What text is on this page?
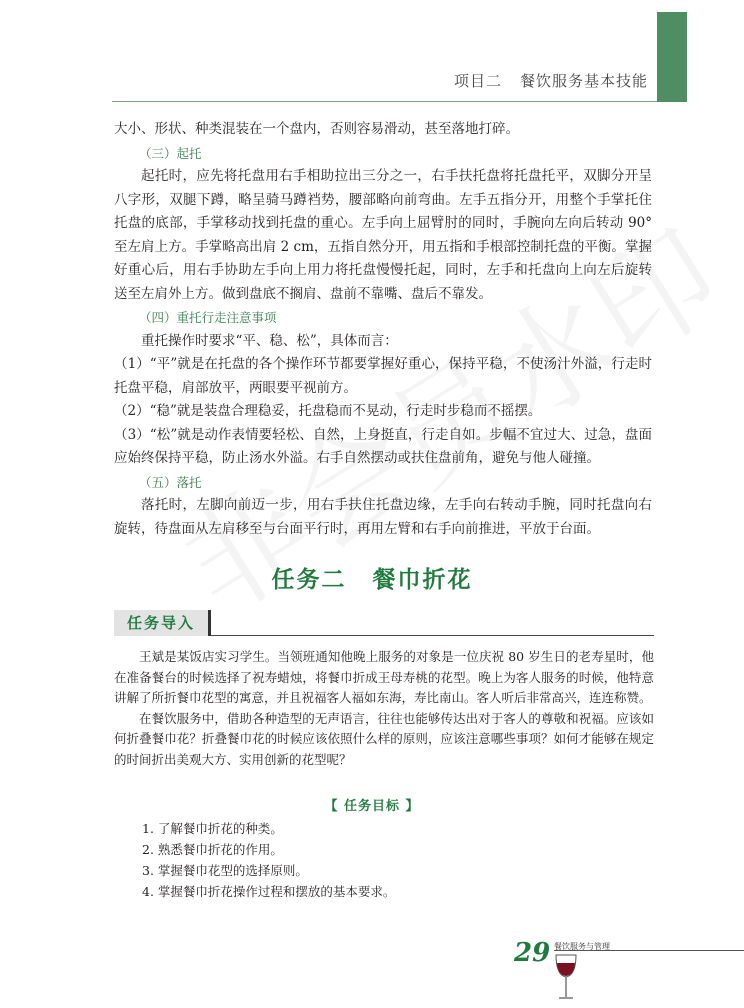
项目二 餐饮服务基本技能

大小、形状、种类混装在一个盘内，否则容易滑动，甚至落地打碎。

（三）起托

起托时，应先将托盘用右手相助拉出三分之一，右手扶托盘将托盘托平，双脚分开呈八字形，双腿下蹲，略呈骑马蹲裆势，腰部略向前弯曲。左手五指分开，用整个手掌托住托盘的底部，手掌移动找到托盘的重心。左手向上屈臂肘的同时，手腕向左向后转动 90°至左肩上方。手掌略高出肩 2 cm，五指自然分开，用五指和手根部控制托盘的平衡。掌握好重心后，用右手协助左手向上用力将托盘慢慢托起，同时，左手和托盘向上向左后旋转送至左肩外上方。做到盘底不搁肩、盘前不靠嘴、盘后不靠发。

（四）重托行走注意事项

重托操作时要求“平、稳、松”，具体而言：

（1）“平”就是在托盘的各个操作环节都要掌握好重心，保持平稳，不使汤汁外溢，行走时托盘平稳，肩部放平，两眼要平视前方。

（2）“稳”就是装盘合理稳妥，托盘稳而不晃动，行走时步稳而不摇摆。

（3）“松”就是动作表情要轻松、自然，上身挺直，行走自如。步幅不宜过大、过急，盘面应始终保持平稳，防止汤水外溢。右手自然摆动或扶住盘前角，避免与他人碰撞。

（五）落托

落托时，左脚向前迈一步，用右手扶住托盘边缘，左手向右转动手腕，同时托盘向右旋转，待盘面从左肩移至与台面平行时，再用左臂和右手向前推进，平放于台面。

任务二 餐巾折花
任务导入

王斌是某饭店实习学生。当领班通知他晚上服务的对象是一位庆祝 80 岁生日的老寿星时，他在准备餐台的时候选择了祝寿蜡烛，将餐巾折成王母寿桃的花型。晚上为客人服务的时候，他特意讲解了所折餐巾花型的寓意，并且祝福客人福如东海，寿比南山。客人听后非常高兴，连连称赞。

在餐饮服务中，借助各种造型的无声语言，往往也能够传达出对于客人的尊敬和祝福。应该如何折叠餐巾花？折叠餐巾花的时候应该依照什么样的原则，应该注意哪些事项？如何才能够在规定的时间折出美观大方、实用创新的花型呢？

【 任务目标 】
1. 了解餐巾折花的种类。
2. 熟悉餐巾折花的作用。
3. 掌握餐巾花型的选择原则。
4. 掌握餐巾折花操作过程和摆放的基本要求。
29 餐饮服务与管理
